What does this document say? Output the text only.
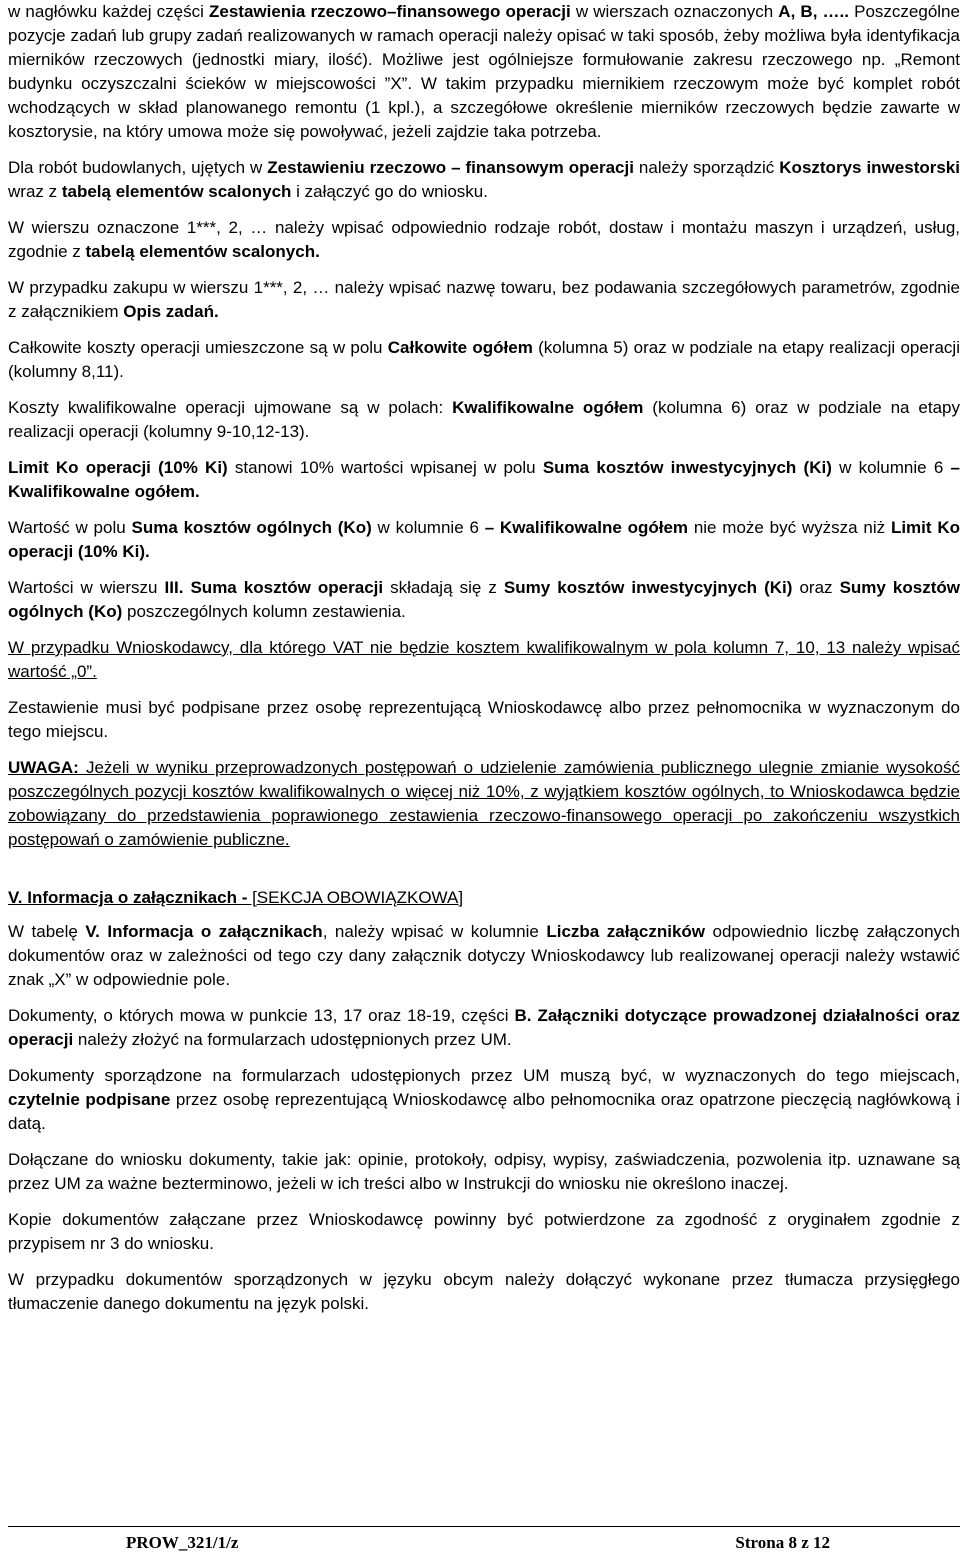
w nagłówku każdej części Zestawienia rzeczowo–finansowego operacji w wierszach oznaczonych A, B, ….. Poszczególne pozycje zadań lub grupy zadań realizowanych w ramach operacji należy opisać w taki sposób, żeby możliwa była identyfikacja mierników rzeczowych (jednostki miary, ilość). Możliwe jest ogólniejsze formułowanie zakresu rzeczowego np. „Remont budynku oczyszczalni ścieków w miejscowości ”X”. W takim przypadku miernikiem rzeczowym może być komplet robót wchodzących w skład planowanego remontu (1 kpl.), a szczegółowe określenie mierników rzeczowych będzie zawarte w kosztorysie, na który umowa może się powoływać, jeżeli zajdzie taka potrzeba.

Dla robót budowlanych, ujętych w Zestawieniu rzeczowo – finansowym operacji należy sporządzić Kosztorys inwestorski wraz z tabelą elementów scalonych i załączyć go do wniosku.

W wierszu oznaczone 1***, 2, … należy wpisać odpowiednio rodzaje robót, dostaw i montażu maszyn i urządzeń, usług, zgodnie z tabelą elementów scalonych.

W przypadku zakupu w wierszu 1***, 2, … należy wpisać nazwę towaru, bez podawania szczegółowych parametrów, zgodnie z załącznikiem Opis zadań.

Całkowite koszty operacji umieszczone są w polu Całkowite ogółem (kolumna 5) oraz w podziale na etapy realizacji operacji (kolumny 8,11).

Koszty kwalifikowalne operacji ujmowane są w polach: Kwalifikowalne ogółem (kolumna 6) oraz w podziale na etapy realizacji operacji (kolumny 9-10,12-13).

Limit Ko operacji (10% Ki) stanowi 10% wartości wpisanej w polu Suma kosztów inwestycyjnych (Ki) w kolumnie 6 – Kwalifikowalne ogółem.

Wartość w polu Suma kosztów ogólnych (Ko) w kolumnie 6 – Kwalifikowalne ogółem nie może być wyższa niż Limit Ko operacji (10% Ki).

Wartości w wierszu III. Suma kosztów operacji składają się z Sumy kosztów inwestycyjnych (Ki) oraz Sumy kosztów ogólnych (Ko) poszczególnych kolumn zestawienia.

W przypadku Wnioskodawcy, dla którego VAT nie będzie kosztem kwalifikowalnym w pola kolumn 7, 10, 13 należy wpisać wartość „0”.

Zestawienie musi być podpisane przez osobę reprezentującą Wnioskodawcę albo przez pełnomocnika w wyznaczonym do tego miejscu.

UWAGA: Jeżeli w wyniku przeprowadzonych postępowań o udzielenie zamówienia publicznego ulegnie zmianie wysokość poszczególnych pozycji kosztów kwalifikowalnych o więcej niż 10%, z wyjątkiem kosztów ogólnych, to Wnioskodawca będzie zobowiązany do przedstawienia poprawionego zestawienia rzeczowo-finansowego operacji po zakończeniu wszystkich postępowań o zamówienie publiczne.

V. Informacja o załącznikach - [SEKCJA OBOWIĄZKOWA]

W tabelę V. Informacja o załącznikach, należy wpisać w kolumnie Liczba załączników odpowiednio liczbę załączonych dokumentów oraz w zależności od tego czy dany załącznik dotyczy Wnioskodawcy lub realizowanej operacji należy wstawić znak „X” w odpowiednie pole.

Dokumenty, o których mowa w punkcie 13, 17 oraz 18-19, części B. Załączniki dotyczące prowadzonej działalności oraz operacji należy złożyć na formularzach udostępnionych przez UM.

Dokumenty sporządzone na formularzach udostępionych przez UM muszą być, w wyznaczonych do tego miejscach, czytelnie podpisane przez osobę reprezentującą Wnioskodawcę albo pełnomocnika oraz opatrzone pieczęcią nagłówkową i datą.

Dołączane do wniosku dokumenty, takie jak: opinie, protokoły, odpisy, wypisy, zaświadczenia, pozwolenia itp. uznawane są przez UM za ważne bezterminowo, jeżeli w ich treści albo w Instrukcji do wniosku nie określono inaczej.

Kopie dokumentów załączane przez Wnioskodawcę powinny być potwierdzone za zgodność z oryginałem zgodnie z przypisem nr 3 do wniosku.

W przypadku dokumentów sporządzonych w języku obcym należy dołączyć wykonane przez tłumacza przysięgłego tłumaczenie danego dokumentu na język polski.

PROW_321/1/z	Strona 8 z 12
